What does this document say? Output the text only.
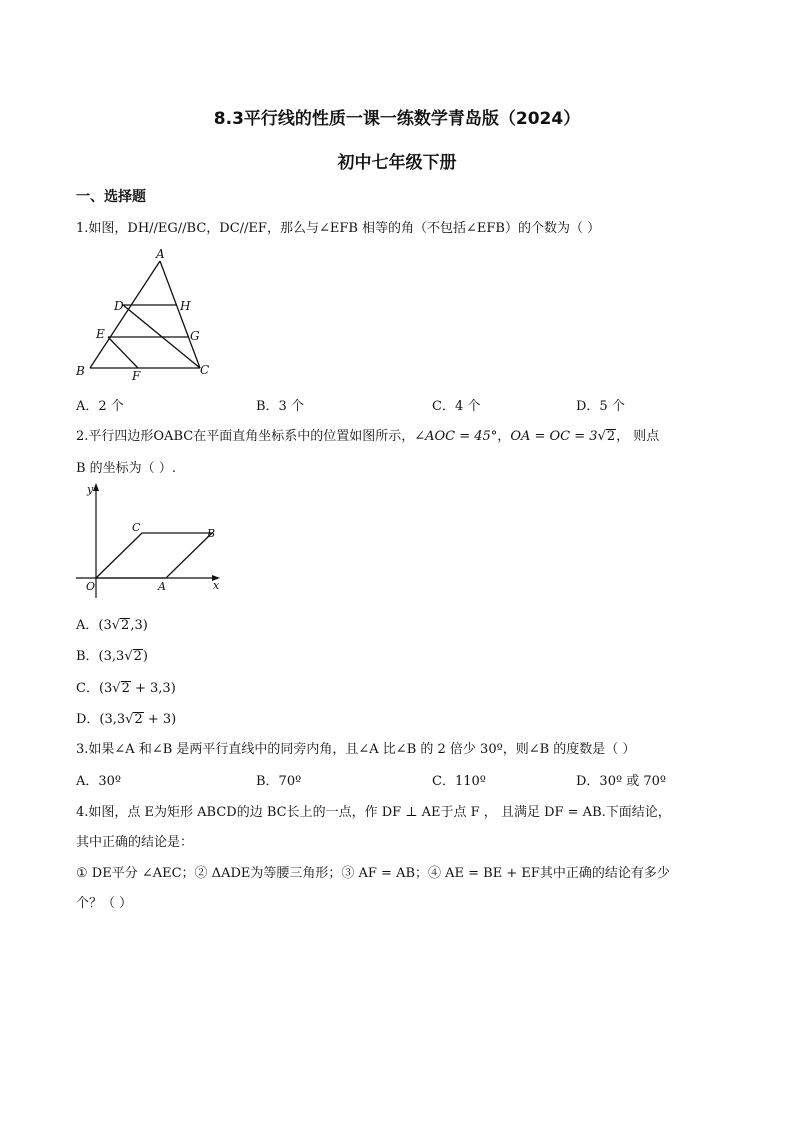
8.3平行线的性质一课一练数学青岛版（2024）
初中七年级下册
一、选择题
1.如图，DH//EG//BC，DC//EF，那么与∠EFB 相等的角（不包括∠EFB）的个数为（ ）
A
D	H
E	G
B	F	C
A．2 个	B．3 个	C．4 个	D．5 个
2.平行四边形OABC在平面直角坐标系中的位置如图所示，∠AOC = 45°，OA = OC = 3√2， 则点
B 的坐标为（ ）.
y
x
O	A
B
C
A．(3√2,3)
B．(3,3√2)
C．(3√2 + 3,3)
D．(3,3√2 + 3)
3.如果∠A 和∠B 是两平行直线中的同旁内角，且∠A 比∠B 的 2 倍少 30º，则∠B 的度数是（ ）
A．30º	B．70º	C．110º	D．30º 或 70º
4.如图，点 E为矩形 ABCD的边 BC长上的一点，作 DF ⊥ AE于点 F ， 且满足 DF = AB.下面结论，
其中正确的结论是：
① DE平分 ∠AEC；② ΔADE为等腰三角形；③ AF = AB；④ AE = BE + EF其中正确的结论有多少
个？（ ）
